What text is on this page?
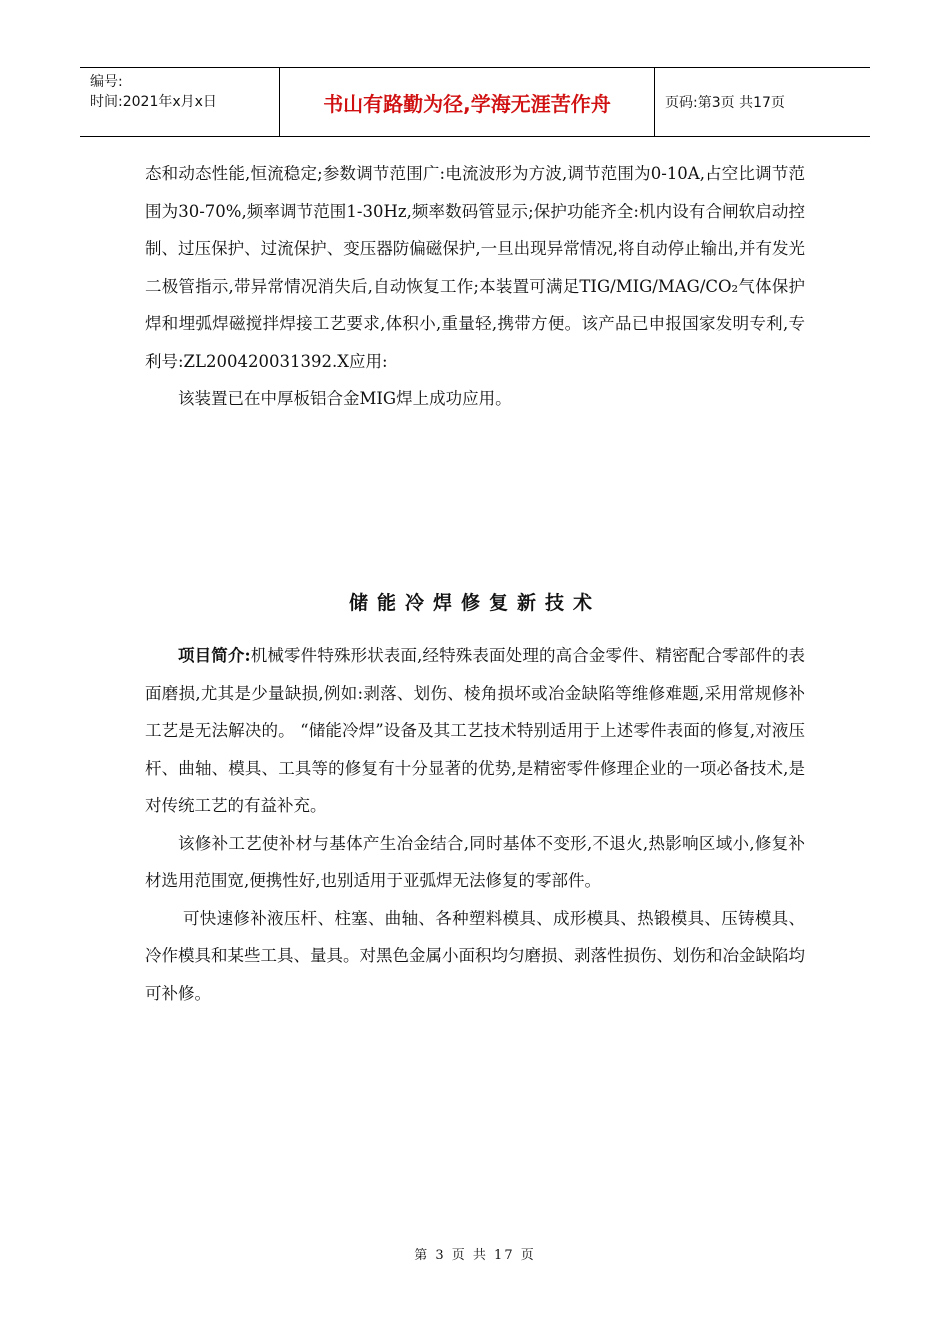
编号:
时间:2021年x月x日	书山有路勤为径,学海无涯苦作舟	页码:第3页 共17页

态和动态性能,恒流稳定;参数调节范围广:电流波形为方波,调节范围为0-10A,占空比调节范围为30-70%,频率调节范围1-30Hz,频率数码管显示;保护功能齐全:机内设有合闸软启动控制、过压保护、过流保护、变压器防偏磁保护,一旦出现异常情况,将自动停止输出,并有发光二极管指示,带异常情况消失后,自动恢复工作;本装置可满足TIG/MIG/MAG/CO₂气体保护焊和埋弧焊磁搅拌焊接工艺要求,体积小,重量轻,携带方便。该产品已申报国家发明专利,专利号:ZL200420031392.X应用:

该装置已在中厚板铝合金MIG焊上成功应用。

储能冷焊修复新技术

项目简介:机械零件特殊形状表面,经特殊表面处理的高合金零件、精密配合零部件的表面磨损,尤其是少量缺损,例如:剥落、划伤、棱角损坏或冶金缺陷等维修难题,采用常规修补工艺是无法解决的。 “储能冷焊”设备及其工艺技术特别适用于上述零件表面的修复,对液压杆、曲轴、模具、工具等的修复有十分显著的优势,是精密零件修理企业的一项必备技术,是对传统工艺的有益补充。

该修补工艺使补材与基体产生冶金结合,同时基体不变形,不退火,热影响区域小,修复补材选用范围宽,便携性好,也别适用于亚弧焊无法修复的零部件。

可快速修补液压杆、柱塞、曲轴、各种塑料模具、成形模具、热锻模具、压铸模具、冷作模具和某些工具、量具。对黑色金属小面积均匀磨损、剥落性损伤、划伤和冶金缺陷均可补修。

第 3 页 共 17 页
